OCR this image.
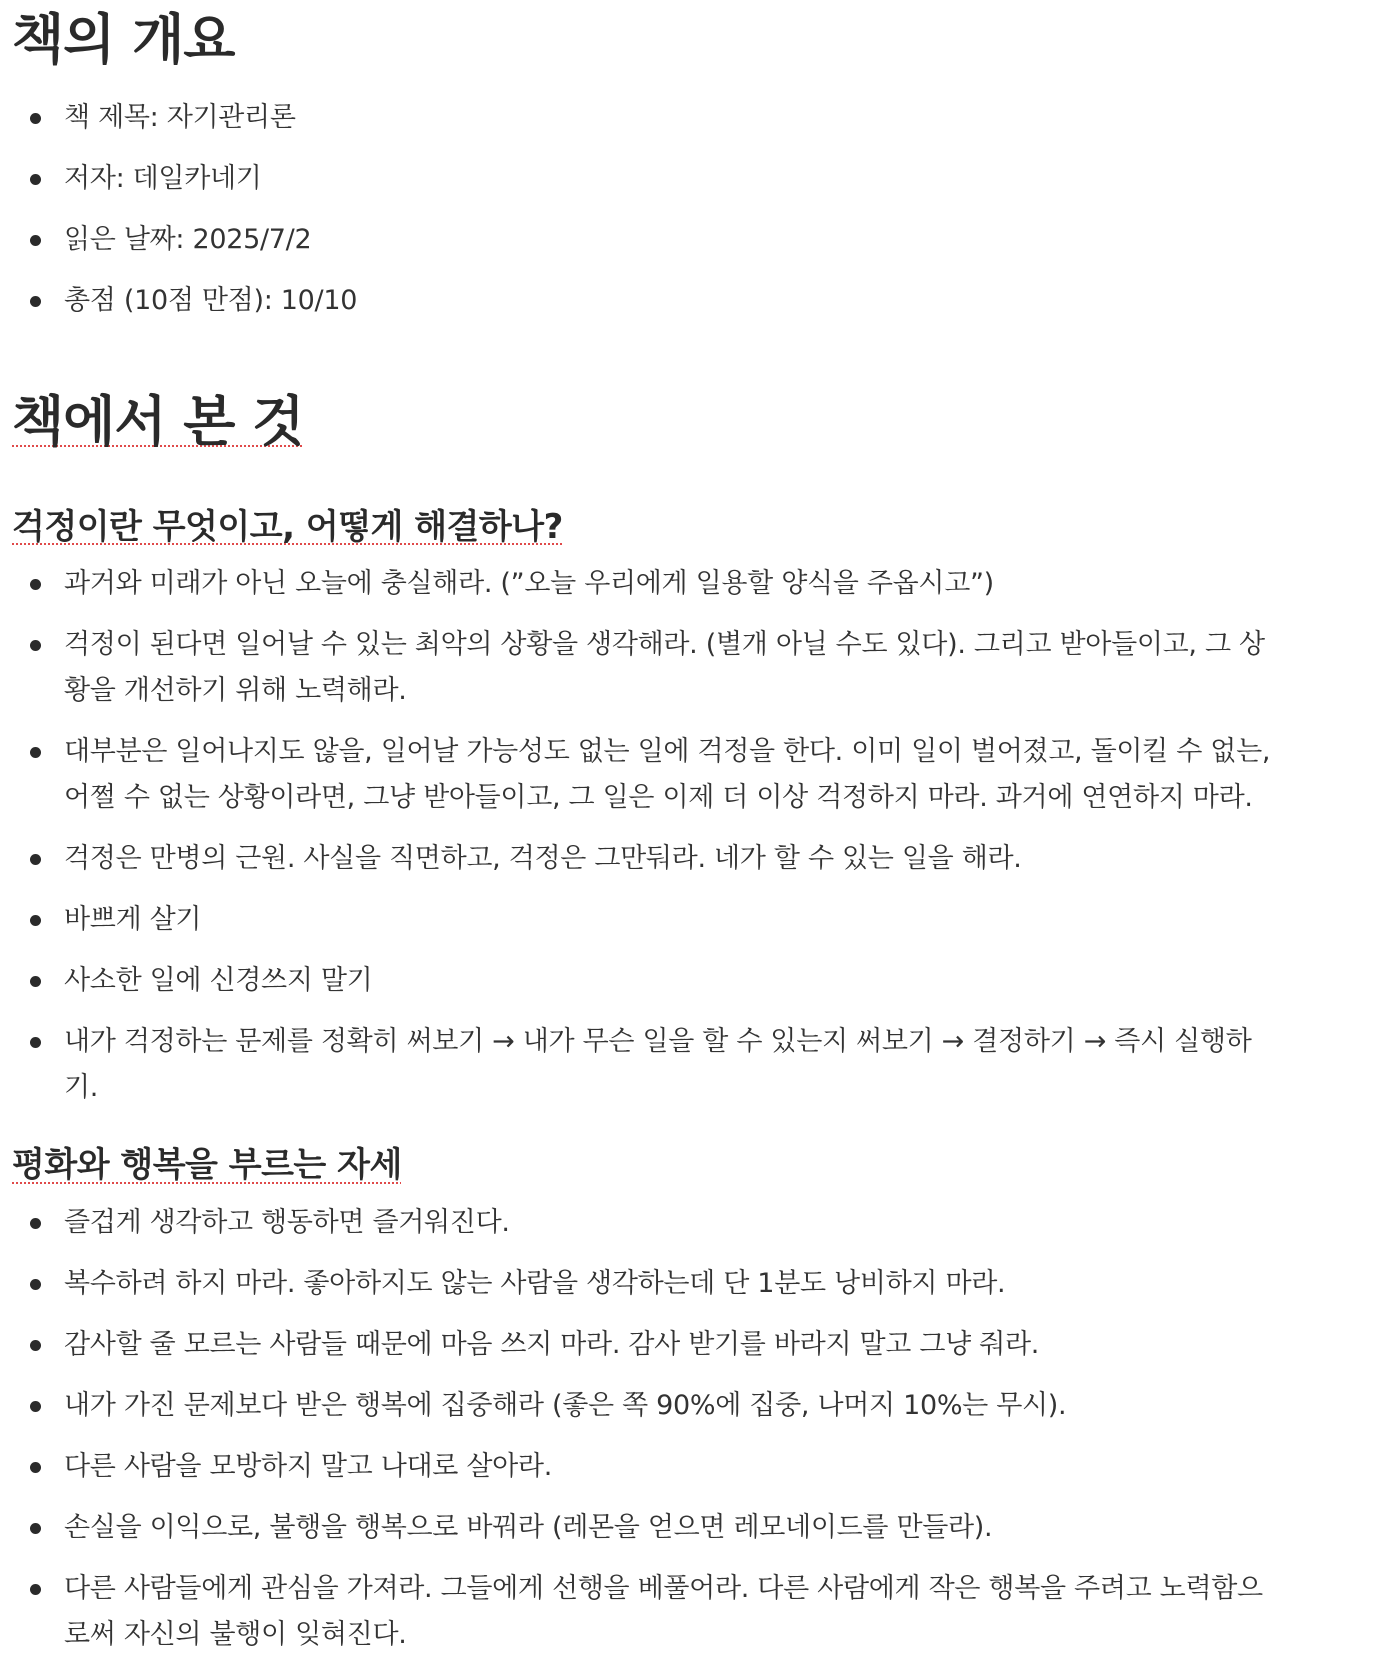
책의 개요
책 제목: 자기관리론
저자: 데일카네기
읽은 날짜: 2025/7/2
총점 (10점 만점): 10/10
책에서 본 것
걱정이란 무엇이고, 어떻게 해결하나?
과거와 미래가 아닌 오늘에 충실해라. (”오늘 우리에게 일용할 양식을 주옵시고”)
걱정이 된다면 일어날 수 있는 최악의 상황을 생각해라. (별개 아닐 수도 있다). 그리고 받아들이고, 그 상황을 개선하기 위해 노력해라.
대부분은 일어나지도 않을, 일어날 가능성도 없는 일에 걱정을 한다. 이미 일이 벌어졌고, 돌이킬 수 없는, 어쩔 수 없는 상황이라면, 그냥 받아들이고, 그 일은 이제 더 이상 걱정하지 마라. 과거에 연연하지 마라.
걱정은 만병의 근원. 사실을 직면하고, 걱정은 그만둬라. 네가 할 수 있는 일을 해라.
바쁘게 살기
사소한 일에 신경쓰지 말기
내가 걱정하는 문제를 정확히 써보기 → 내가 무슨 일을 할 수 있는지 써보기 → 결정하기 → 즉시 실행하기.
평화와 행복을 부르는 자세
즐겁게 생각하고 행동하면 즐거워진다.
복수하려 하지 마라. 좋아하지도 않는 사람을 생각하는데 단 1분도 낭비하지 마라.
감사할 줄 모르는 사람들 때문에 마음 쓰지 마라. 감사 받기를 바라지 말고 그냥 줘라.
내가 가진 문제보다 받은 행복에 집중해라 (좋은 쪽 90%에 집중, 나머지 10%는 무시).
다른 사람을 모방하지 말고 나대로 살아라.
손실을 이익으로, 불행을 행복으로 바꿔라 (레몬을 얻으면 레모네이드를 만들라).
다른 사람들에게 관심을 가져라. 그들에게 선행을 베풀어라. 다른 사람에게 작은 행복을 주려고 노력함으로써 자신의 불행이 잊혀진다.
